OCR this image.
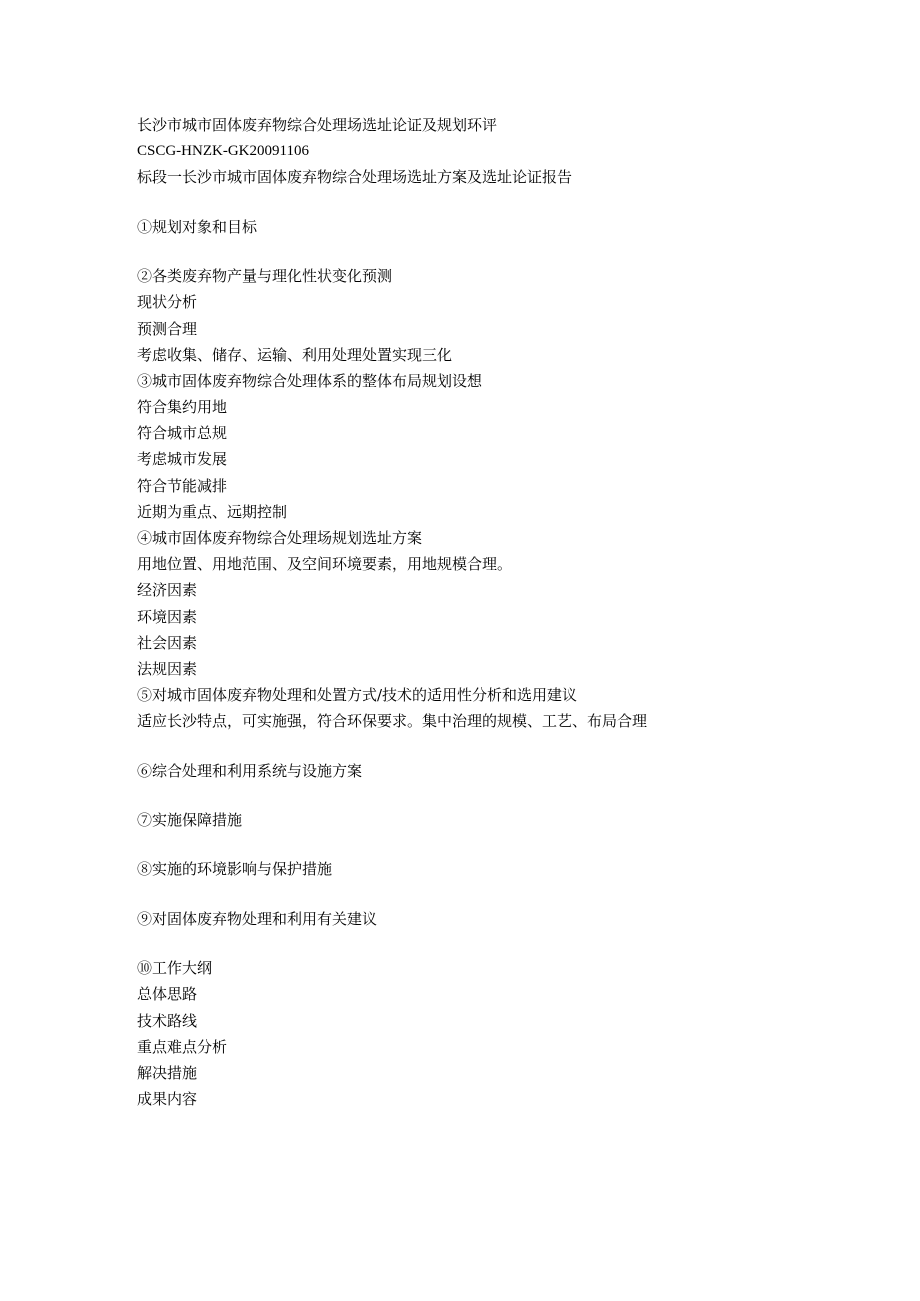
长沙市城市固体废弃物综合处理场选址论证及规划环评
CSCG-HNZK-GK20091106
标段一长沙市城市固体废弃物综合处理场选址方案及选址论证报告
①规划对象和目标
②各类废弃物产量与理化性状变化预测
现状分析
预测合理
考虑收集、储存、运输、利用处理处置实现三化
③城市固体废弃物综合处理体系的整体布局规划设想
符合集约用地
符合城市总规
考虑城市发展
符合节能减排
近期为重点、远期控制
④城市固体废弃物综合处理场规划选址方案
用地位置、用地范围、及空间环境要素，用地规模合理。
经济因素
环境因素
社会因素
法规因素
⑤对城市固体废弃物处理和处置方式/技术的适用性分析和选用建议
适应长沙特点，可实施强，符合环保要求。集中治理的规模、工艺、布局合理
⑥综合处理和利用系统与设施方案
⑦实施保障措施
⑧实施的环境影响与保护措施
⑨对固体废弃物处理和利用有关建议
⑩工作大纲
总体思路
技术路线
重点难点分析
解决措施
成果内容
